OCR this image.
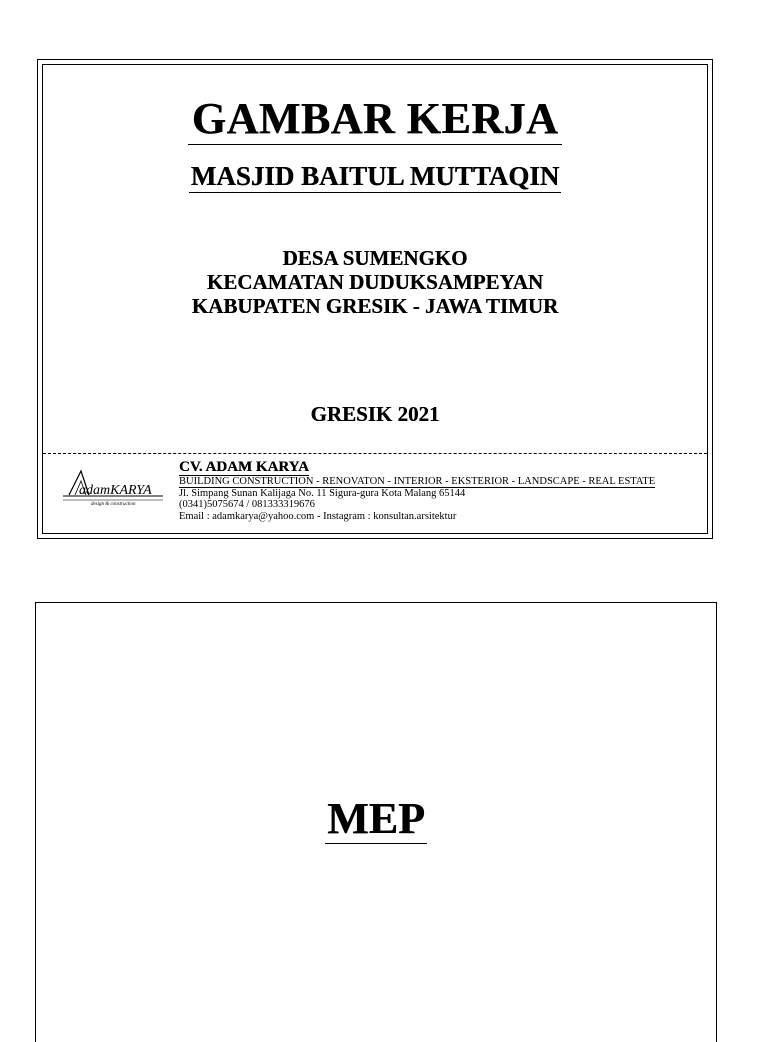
GAMBAR KERJA
MASJID BAITUL MUTTAQIN
DESA SUMENGKO
KECAMATAN DUDUKSAMPEYAN
KABUPATEN GRESIK - JAWA TIMUR
GRESIK 2021
adamKARYA
design & construction
CV. ADAM KARYA
BUILDING CONSTRUCTION - RENOVATON - INTERIOR - EKSTERIOR - LANDSCAPE - REAL ESTATE
Jl. Simpang Sunan Kalijaga No. 11 Sigura-gura Kota Malang 65144
(0341)5075674 / 081333319676
Email : adamkarya@yahoo.com - Instagram : konsultan.arsitektur
MEP
